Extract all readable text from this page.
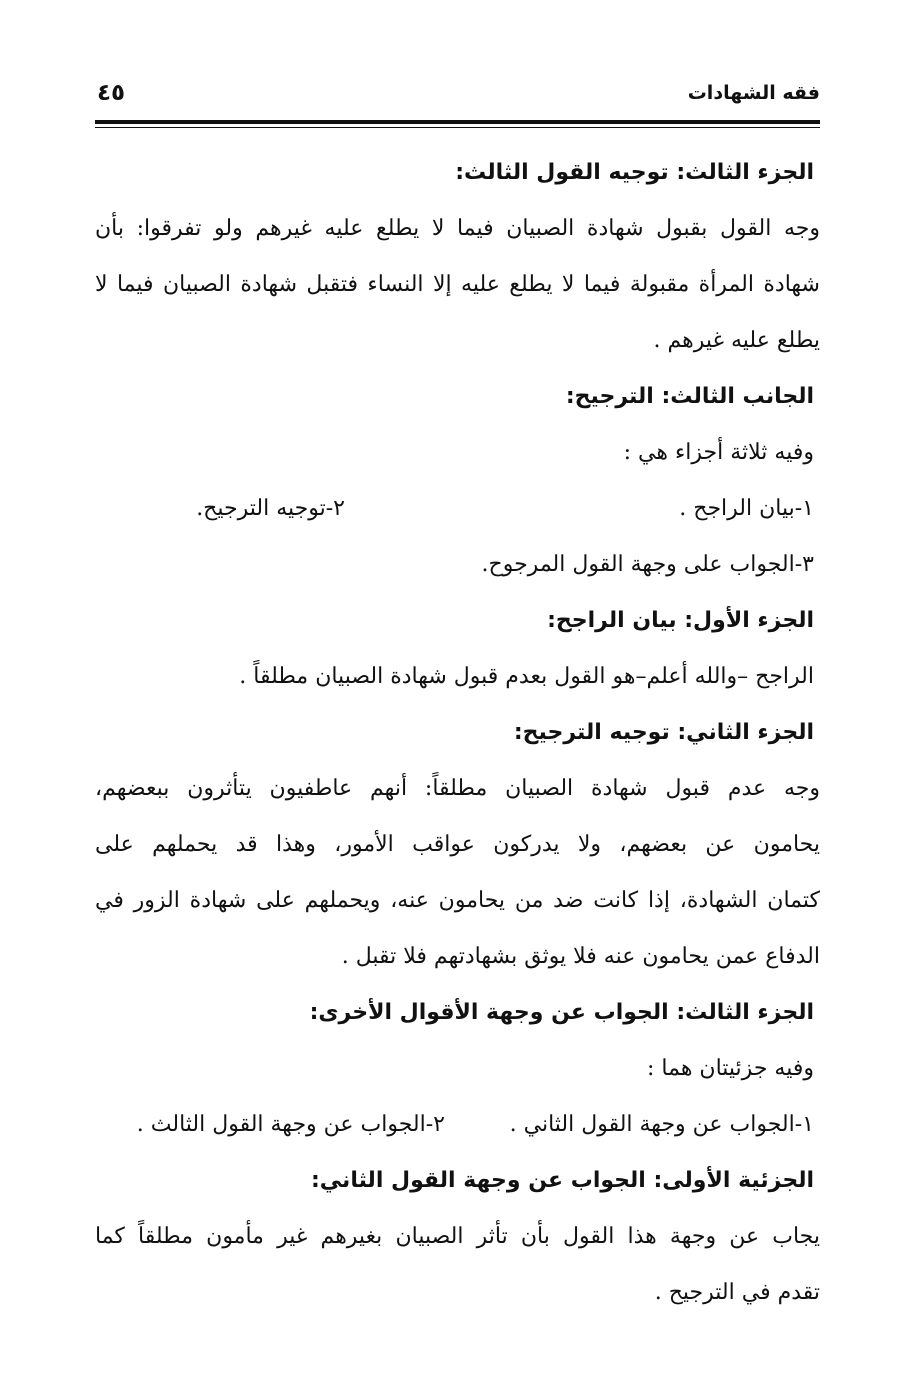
فقه الشهادات
٤٥
الجزء الثالث: توجيه القول الثالث:
وجه القول بقبول شهادة الصبيان فيما لا يطلع عليه غيرهم ولو تفرقوا: بأن
شهادة المرأة مقبولة فيما لا يطلع عليه إلا النساء فتقبل شهادة الصبيان فيما لا
يطلع عليه غيرهم .
الجانب الثالث: الترجيح:
وفيه ثلاثة أجزاء هي :
١-بيان الراجح .
٢-توجيه الترجيح.
٣-الجواب على وجهة القول المرجوح.
الجزء الأول: بيان الراجح:
الراجح –والله أعلم–هو القول بعدم قبول شهادة الصبيان مطلقاً .
الجزء الثاني: توجيه الترجيح:
وجه عدم قبول شهادة الصبيان مطلقاً: أنهم عاطفيون يتأثرون ببعضهم،
يحامون عن بعضهم، ولا يدركون عواقب الأمور، وهذا قد يحملهم على
كتمان الشهادة، إذا كانت ضد من يحامون عنه، ويحملهم على شهادة الزور في
الدفاع عمن يحامون عنه فلا يوثق بشهادتهم فلا تقبل .
الجزء الثالث: الجواب عن وجهة الأقوال الأخرى:
وفيه جزئيتان هما :
١-الجواب عن وجهة القول الثاني .
٢-الجواب عن وجهة القول الثالث .
الجزئية الأولى: الجواب عن وجهة القول الثاني:
يجاب عن وجهة هذا القول بأن تأثر الصبيان بغيرهم غير مأمون مطلقاً كما
تقدم في الترجيح .
